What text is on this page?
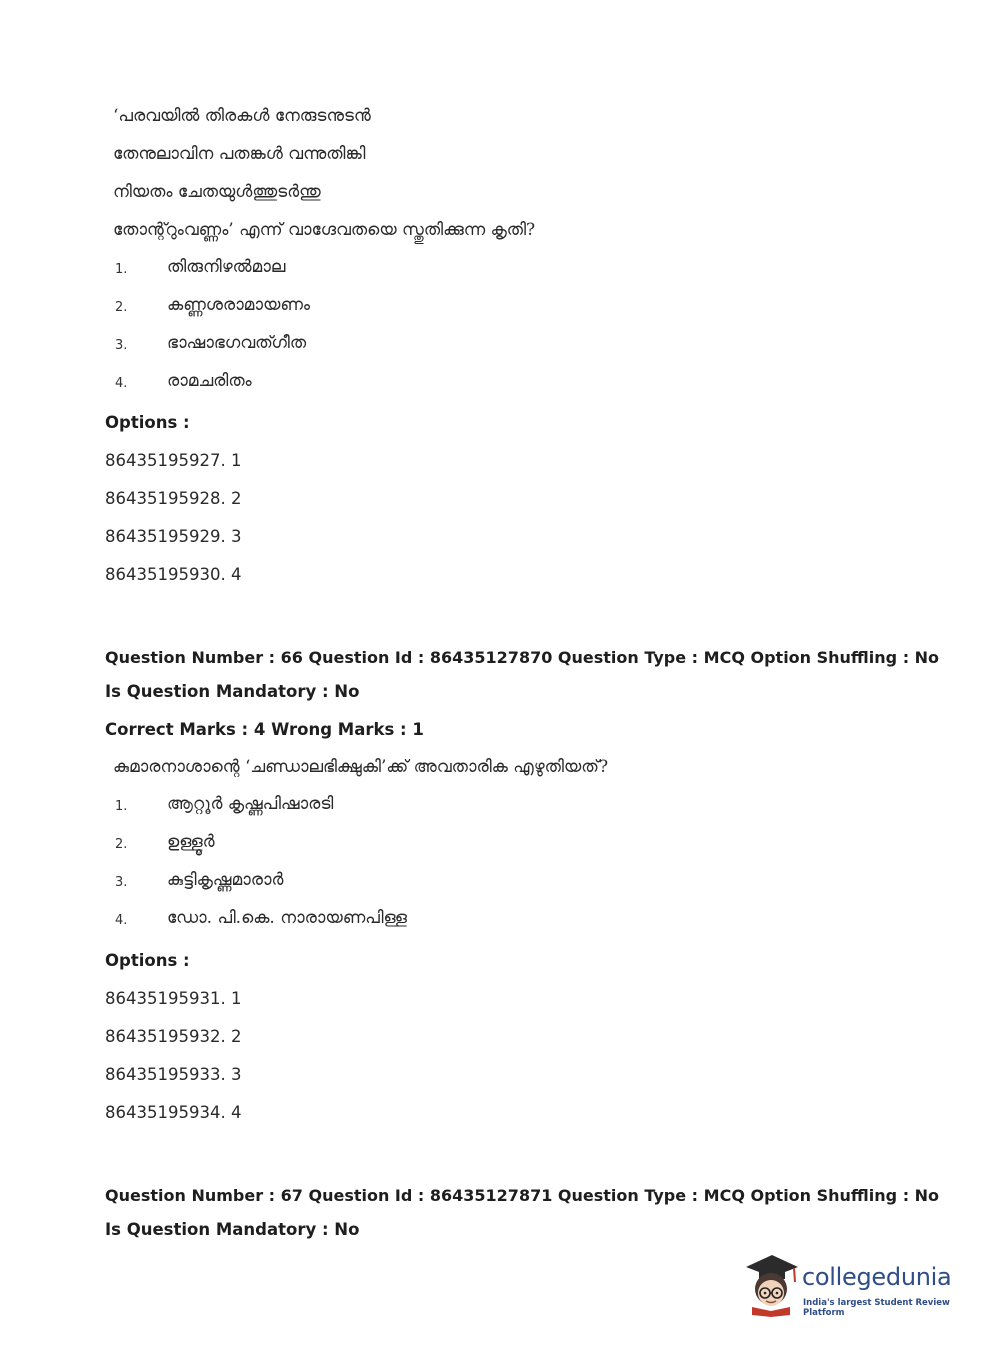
‘പരവയിൽ തിരകൾ നേരുടനുടൻ
തേനുലാവിന പതങ്കൾ വന്നുതിങ്കി
നിയതം ചേതയുൾത്തുടർന്തു
തോന്റ്റുംവണ്ണം’ എന്ന് വാഗ്ദേവതയെ സ്തുതിക്കുന്ന കൃതി?
1. തിരുനിഴൽമാല
2. കണ്ണശരാമായണം
3. ഭാഷാഭഗവത്ഗീത
4. രാമചരിതം
Options :
86435195927. 1
86435195928. 2
86435195929. 3
86435195930. 4
Question Number : 66 Question Id : 86435127870 Question Type : MCQ Option Shuffling : No
Is Question Mandatory : No
Correct Marks : 4 Wrong Marks : 1
കുമാരനാശാന്റെ ‘ചണ്ഡാലഭിക്ഷുകി’ക്ക് അവതാരിക എഴുതിയത്?
1. ആറ്റൂർ കൃഷ്ണപിഷാരടി
2. ഉള്ളൂർ
3. കുട്ടികൃഷ്ണമാരാർ
4. ഡോ. പി.കെ. നാരായണപിള്ള
Options :
86435195931. 1
86435195932. 2
86435195933. 3
86435195934. 4
Question Number : 67 Question Id : 86435127871 Question Type : MCQ Option Shuffling : No
Is Question Mandatory : No
collegedunia
India's largest Student Review Platform
